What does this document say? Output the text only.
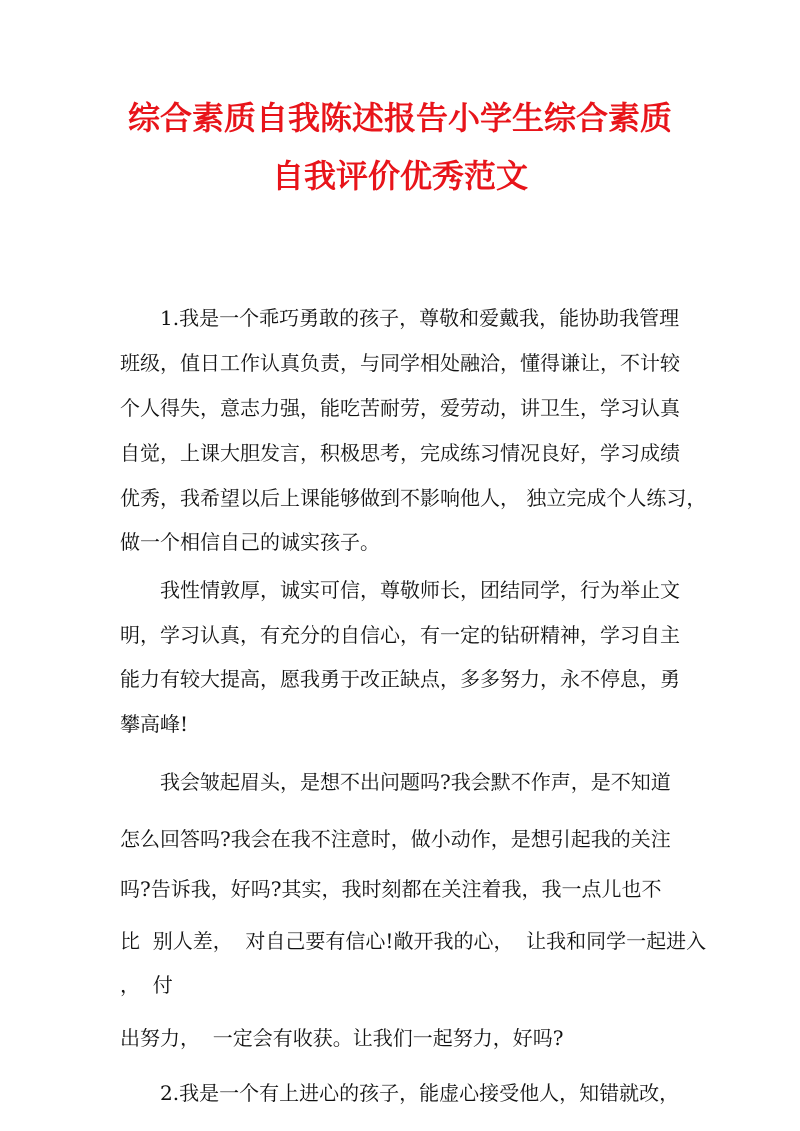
综合素质自我陈述报告小学生综合素质
自我评价优秀范文
1.我是一个乖巧勇敢的孩子，尊敬和爱戴我，能协助我管理
班级，值日工作认真负责，与同学相处融洽，懂得谦让，不计较
个人得失，意志力强，能吃苦耐劳，爱劳动，讲卫生，学习认真
自觉，上课大胆发言，积极思考，完成练习情况良好，学习成绩
优秀，我希望以后上课能够做到不影响他人， 独立完成个人练习，
做一个相信自己的诚实孩子。
我性情敦厚，诚实可信，尊敬师长，团结同学，行为举止文
明，学习认真，有充分的自信心，有一定的钻研精神，学习自主
能力有较大提高，愿我勇于改正缺点，多多努力，永不停息，勇
攀高峰!
我会皱起眉头，是想不出问题吗?我会默不作声，是不知道
怎么回答吗?我会在我不注意时，做小动作，是想引起我的关注
吗?告诉我，好吗?其实，我时刻都在关注着我，我一点儿也不
比  别人差，  对自己要有信心!敞开我的心，  让我和同学一起进入
，  付
出努力，  一定会有收获。让我们一起努力，好吗?
2.我是一个有上进心的孩子，能虚心接受他人，知错就改，
